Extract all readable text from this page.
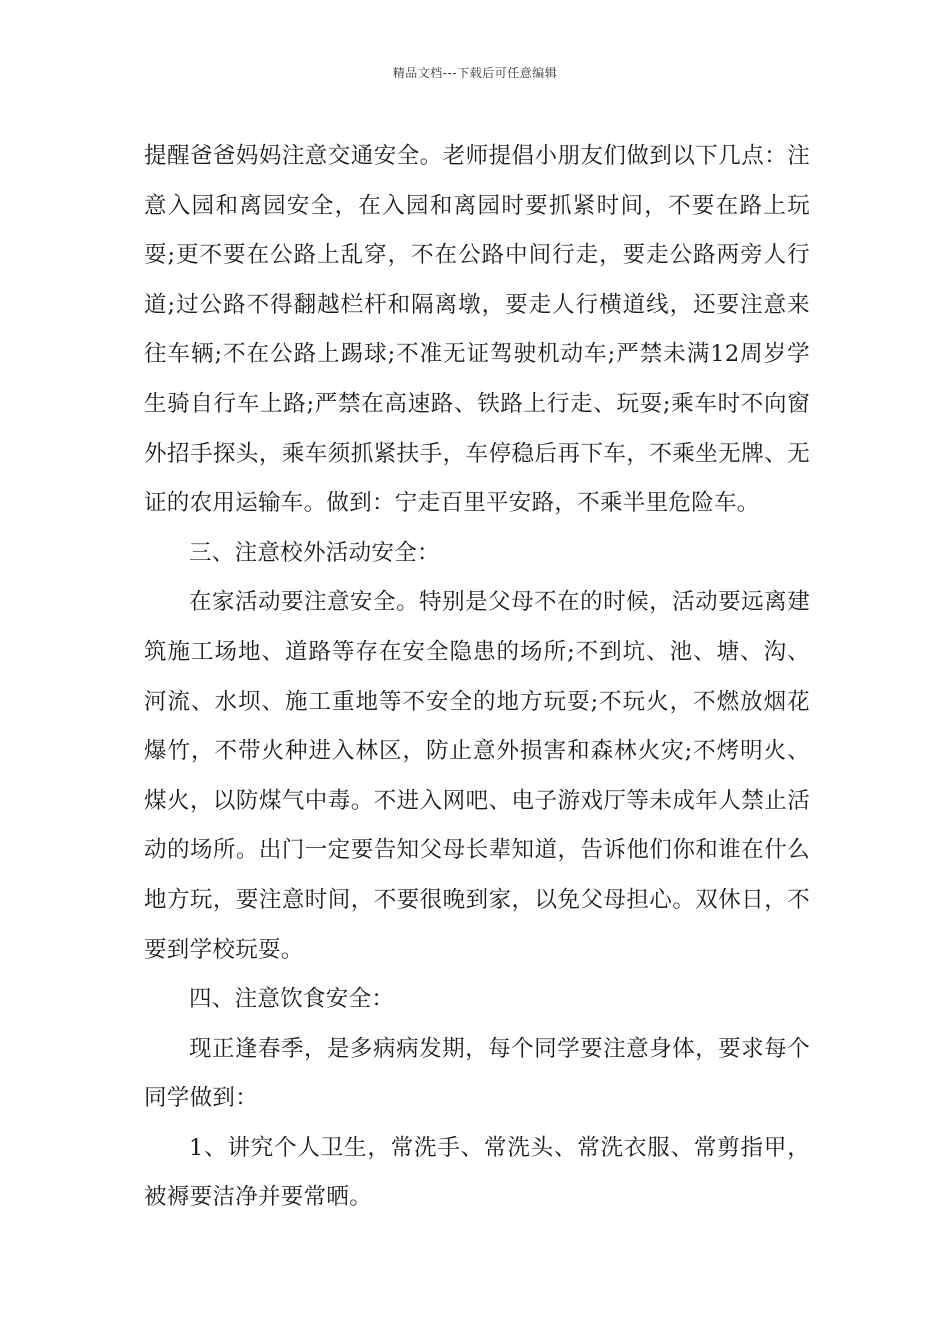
精品文档---下载后可任意编辑

提醒爸爸妈妈注意交通安全。老师提倡小朋友们做到以下几点：注意入园和离园安全，在入园和离园时要抓紧时间，不要在路上玩耍;更不要在公路上乱穿，不在公路中间行走，要走公路两旁人行道;过公路不得翻越栏杆和隔离墩，要走人行横道线，还要注意来往车辆;不在公路上踢球;不准无证驾驶机动车;严禁未满12周岁学生骑自行车上路;严禁在高速路、铁路上行走、玩耍;乘车时不向窗外招手探头，乘车须抓紧扶手，车停稳后再下车，不乘坐无牌、无证的农用运输车。做到：宁走百里平安路，不乘半里危险车。

三、注意校外活动安全：

在家活动要注意安全。特别是父母不在的时候，活动要远离建筑施工场地、道路等存在安全隐患的场所;不到坑、池、塘、沟、河流、水坝、施工重地等不安全的地方玩耍;不玩火，不燃放烟花爆竹，不带火种进入林区，防止意外损害和森林火灾;不烤明火、煤火，以防煤气中毒。不进入网吧、电子游戏厅等未成年人禁止活动的场所。出门一定要告知父母长辈知道，告诉他们你和谁在什么地方玩，要注意时间，不要很晚到家，以免父母担心。双休日，不要到学校玩耍。

四、注意饮食安全：

现正逢春季，是多病病发期，每个同学要注意身体，要求每个同学做到：

1、讲究个人卫生，常洗手、常洗头、常洗衣服、常剪指甲，被褥要洁净并要常晒。
